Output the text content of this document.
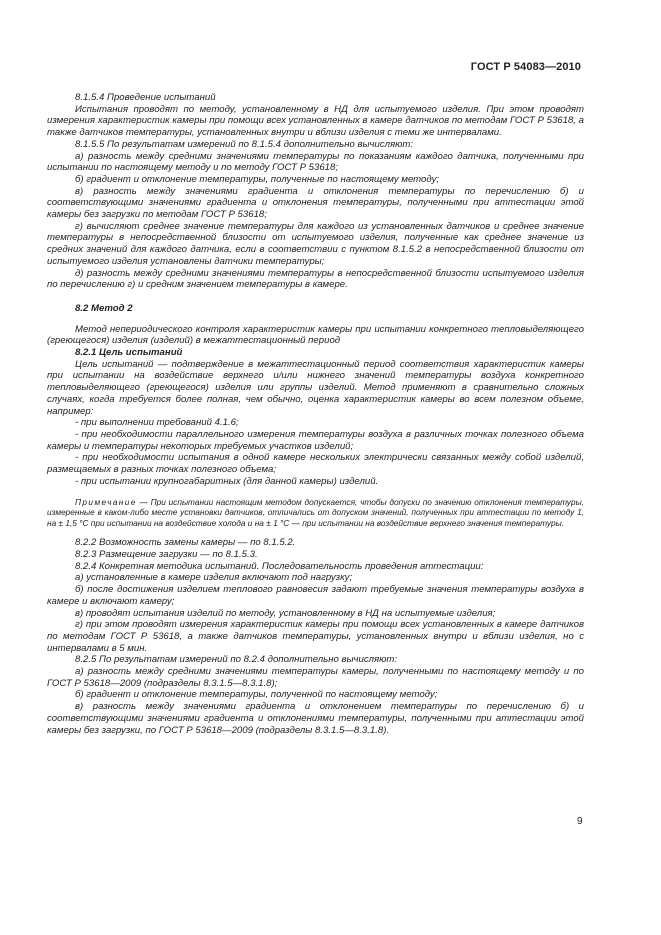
ГОСТ Р 54083—2010

8.1.5.4 Проведение испытаний

Испытания проводят по методу, установленному в НД для испытуемого изделия. При этом проводят измерения характеристик камеры при помощи всех установленных в камере датчиков по методам ГОСТ Р 53618, а также датчиков температуры, установленных внутри и вблизи изделия с теми же интервалами.

8.1.5.5 По результатам измерений по 8.1.5.4 дополнительно вычисляют:

а) разность между средними значениями температуры по показаниям каждого датчика, полученными при испытании по настоящему методу и по методу ГОСТ Р 53618;

б) градиент и отклонение температуры, полученные по настоящему методу;

в) разность между значениями градиента и отклонения температуры по перечислению б) и соответствующими значениями градиента и отклонения температуры, полученными при аттестации этой камеры без загрузки по методам ГОСТ Р 53618;

г) вычисляют среднее значение температуры для каждого из установленных датчиков и среднее значение температуры в непосредственной близости от испытуемого изделия, полученные как среднее значение из средних значений для каждого датчика, если в соответствии с пунктом 8.1.5.2 в непосредственной близости от испытуемого изделия установлены датчики температуры;

д) разность между средними значениями температуры в непосредственной близости испытуемого изделия по перечислению г) и средним значением температуры в камере.

8.2 Метод 2

Метод непериодического контроля характеристик камеры при испытании конкретного тепловыделяющего (греющегося) изделия (изделий) в межаттестационный период

8.2.1 Цель испытаний

Цель испытаний — подтверждение в межаттестационный период соответствия характеристик камеры при испытании на воздействие верхнего и/или нижнего значений температуры воздуха конкретного тепловыделяющего (греющегося) изделия или группы изделий. Метод применяют в сравнительно сложных случаях, когда требуется более полная, чем обычно, оценка характеристик камеры во всем полезном объеме, например:

- при выполнении требований 4.1.6;

- при необходимости параллельного измерения температуры воздуха в различных точках полезного объема камеры и температуры некоторых требуемых участков изделий;

- при необходимости испытания в одной камере нескольких электрически связанных между собой изделий, размещаемых в разных точках полезного объема;

- при испытании крупногабаритных (для данной камеры) изделий.

Примечание — При испытании настоящим методом допускается, чтобы допуски по значению отклонения температуры, измеренные в каком-либо месте установки датчиков, отличались от допуском значений, полученных при аттестации по методу 1, на ± 1,5 °С при испытании на воздействие холода и на ± 1 °С — при испытании на воздействие верхнего значения температуры.

8.2.2 Возможность замены камеры — по 8.1.5.2.

8.2.3 Размещение загрузки — по 8.1.5.3.

8.2.4 Конкретная методика испытаний. Последовательность проведения аттестации:

а) установленные в камере изделия включают под нагрузку;

б) после достижения изделием теплового равновесия задают требуемые значения температуры воздуха в камере и включают камеру;

в) проводят испытания изделий по методу, установленному в НД на испытуемые изделия;

г) при этом проводят измерения характеристик камеры при помощи всех установленных в камере датчиков по методам ГОСТ Р 53618, а также датчиков температуры, установленных внутри и вблизи изделия, но с интервалами в 5 мин.

8.2.5 По результатам измерений по 8.2.4 дополнительно вычисляют:

а) разность между средними значениями температуры камеры, полученными по настоящему методу и по ГОСТ Р 53618—2009 (подразделы 8.3.1.5—8.3.1.8);

б) градиент и отклонение температуры, полученной по настоящему методу;

в) разность между значениями градиента и отклонением температуры по перечислению б) и соответствующими значениями градиента и отклонениями температуры, полученными при аттестации этой камеры без загрузки, по ГОСТ Р 53618—2009 (подразделы 8.3.1.5—8.3.1.8).

9
